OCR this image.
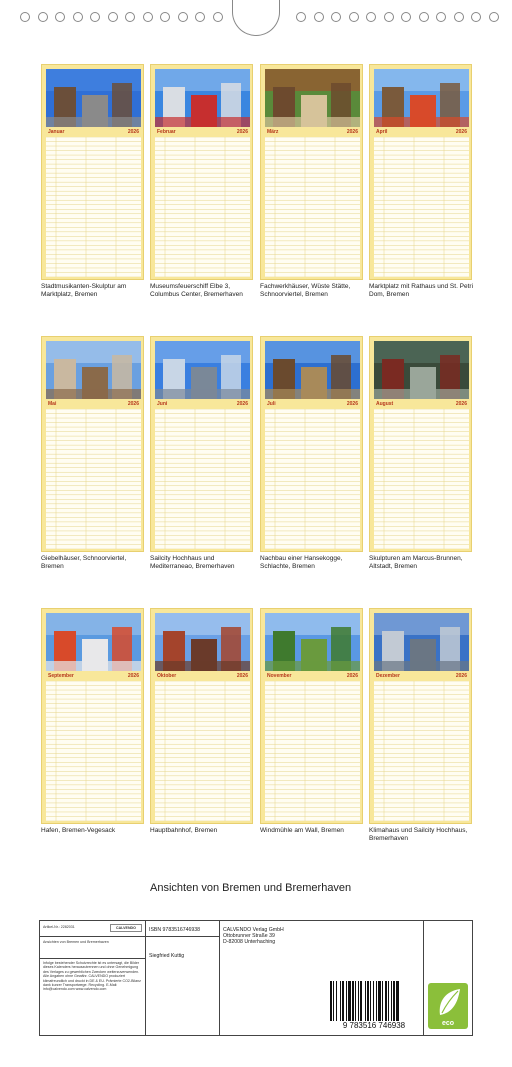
Januar	2026
Stadtmusikanten-Skulptur am Marktplatz, Bremen
Februar	2026
Museumsfeuerschiff Elbe 3, Columbus Center, Bremerhaven
März	2026
Fachwerkhäuser, Wüste Stätte, Schnoorviertel, Bremen
April	2026
Marktplatz mit Rathaus und St. Petri Dom, Bremen
Mai	2026
Giebelhäuser, Schnoorviertel, Bremen
Juni	2026
Sailcity Hochhaus und Mediterraneao, Bremerhaven
Juli	2026
Nachbau einer Hansekogge, Schlachte, Bremen
August	2026
Skulpturen am Marcus-Brunnen, Altstadt, Bremen
September	2026
Hafen, Bremen-Vegesack
Oktober	2026
Hauptbahnhof, Bremen
November	2026
Windmühle am Wall, Bremen
Dezember	2026
Klimahaus und Sailcity Hochhaus, Bremerhaven
Ansichten von Bremen und Bremerhaven
Artikel-Nr.: 2282031	CALVENDO
Ansichten von Bremen und Bremerhaven
Infolge bestehender Schutzrechte ist es untersagt, die Bilder dieses Kalenders herauszutrennen und ohne Genehmigung des Verlages zu gewerblichen Zwecken weiterzuverwenden. Alle Angaben ohne Gewähr. CALVENDO produziert klimafreundlich und druckt in DE & EU. Prämierte CO2-Bilanz dank kurzer Transportwege. Recycling. E-Mail: info@calvendo.com www.calvendo.com
ISBN 9783516746938
Siegfried Kuttig
CALVENDO Verlag GmbH
Ottobrunner Straße 39
D-82008 Unterhaching
9 783516 746938	eco
